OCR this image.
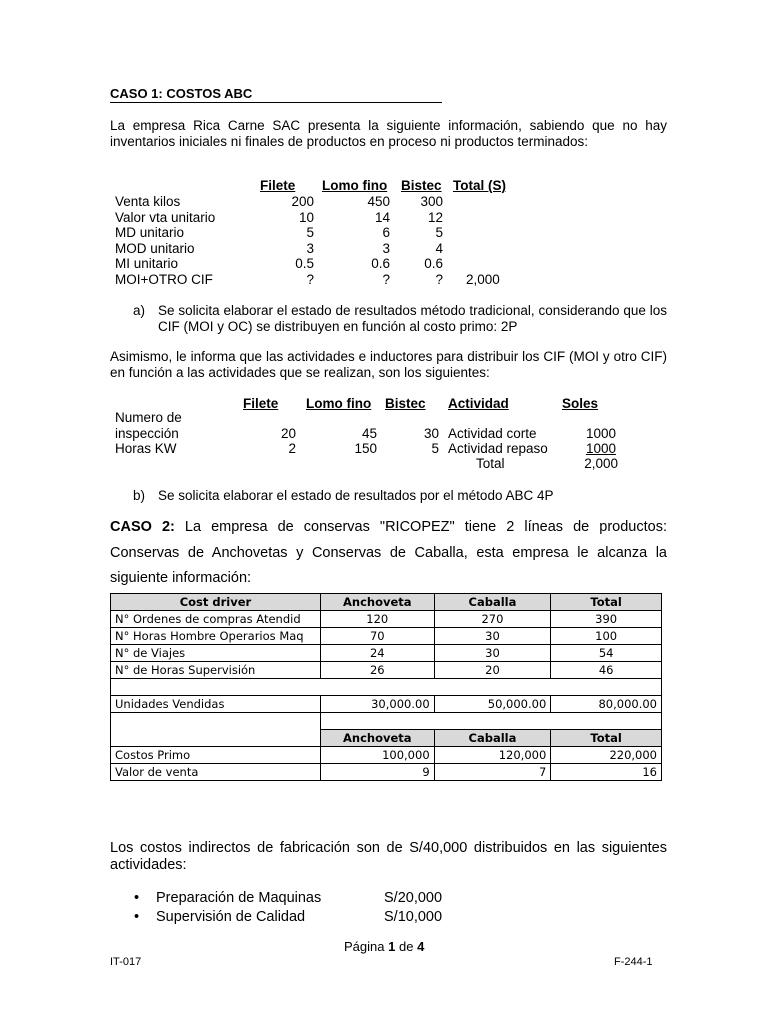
CASO 1: COSTOS ABC
La empresa Rica Carne SAC presenta la siguiente información, sabiendo que no hay inventarios iniciales ni finales de productos en proceso ni productos terminados:
Filete Lomo fino Bistec Total (S)
Venta kilos	200	450	300
Valor vta unitario	10	14	12
MD unitario	5	6	5
MOD unitario	3	3	4
MI unitario	0.5	0.6	0.6
MOI+OTRO CIF	?	?	? 2,000
a) Se solicita elaborar el estado de resultados método tradicional, considerando que los CIF (MOI y OC) se distribuyen en función al costo primo: 2P
Asimismo, le informa que las actividades e inductores para distribuir los CIF (MOI y otro CIF) en función a las actividades que se realizan, son los siguientes:
Filete Lomo fino Bistec Actividad	Soles
Numero de
inspección	20	45	30 Actividad corte	1000
Horas KW	2	150	5 Actividad repaso	1000
Total	2,000
b) Se solicita elaborar el estado de resultados por el método ABC 4P
CASO 2: La empresa de conservas "RICOPEZ" tiene 2 líneas de productos: Conservas de Anchovetas y Conservas de Caballa, esta empresa le alcanza la siguiente información:
Cost driver	Anchoveta	Caballa	Total
N° Ordenes de compras Atendid	120	270	390
N° Horas Hombre Operarios Maq	70	30	100
N° de Viajes	24	30	54
N° de Horas Supervisión	26	20	46

Unidades Vendidas	30,000.00	50,000.00	80,000.00

	Anchoveta	Caballa	Total
Costos Primo	100,000	120,000	220,000
Valor de venta	9	7	16
Los costos indirectos de fabricación son de S/40,000 distribuidos en las siguientes actividades:
• Preparación de Maquinas	S/20,000
• Supervisión de Calidad	S/10,000
Página 1 de 4
IT-017	F-244-1
